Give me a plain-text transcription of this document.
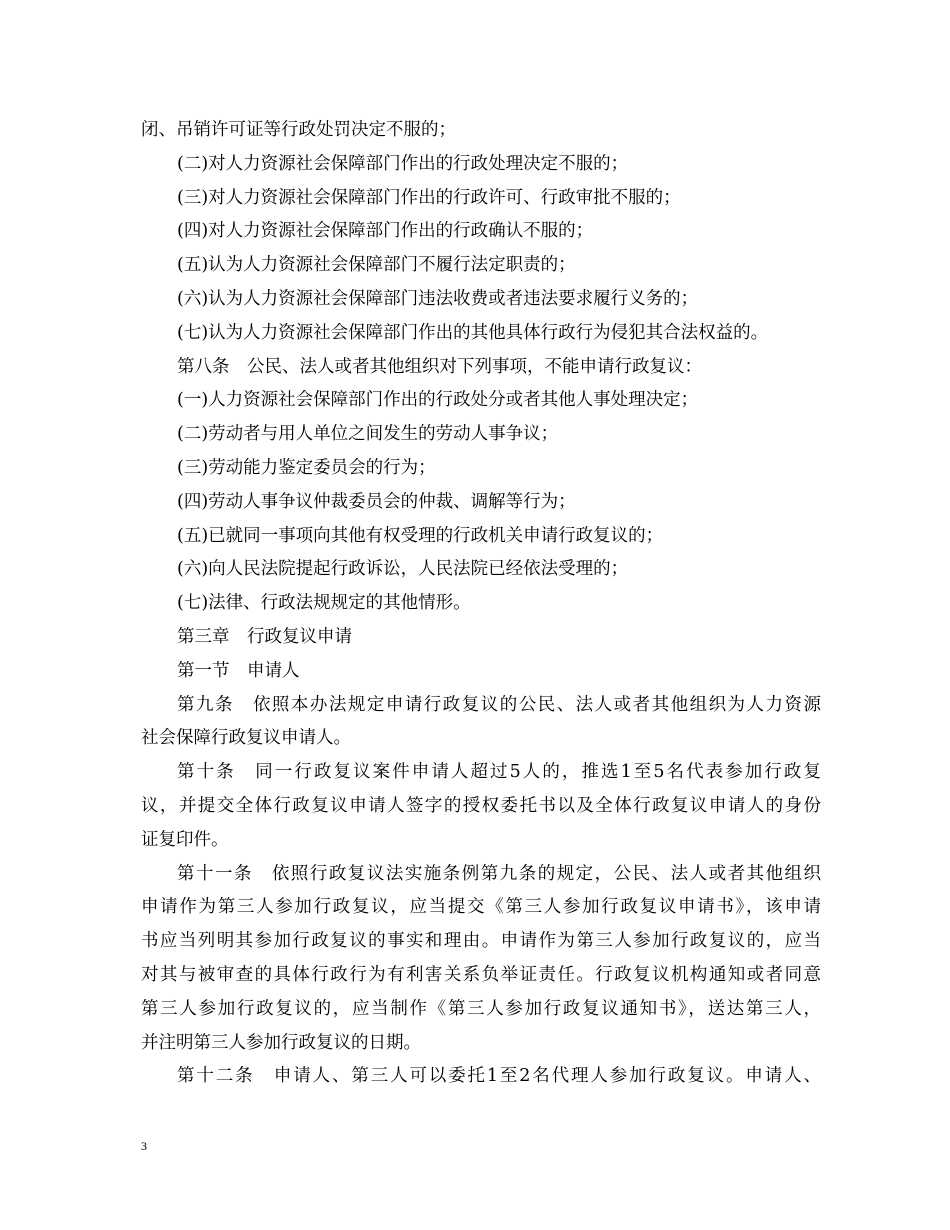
闭、吊销许可证等行政处罚决定不服的；
(二)对人力资源社会保障部门作出的行政处理决定不服的；
(三)对人力资源社会保障部门作出的行政许可、行政审批不服的；
(四)对人力资源社会保障部门作出的行政确认不服的；
(五)认为人力资源社会保障部门不履行法定职责的；
(六)认为人力资源社会保障部门违法收费或者违法要求履行义务的；
(七)认为人力资源社会保障部门作出的其他具体行政行为侵犯其合法权益的。
第八条　公民、法人或者其他组织对下列事项，不能申请行政复议：
(一)人力资源社会保障部门作出的行政处分或者其他人事处理决定；
(二)劳动者与用人单位之间发生的劳动人事争议；
(三)劳动能力鉴定委员会的行为；
(四)劳动人事争议仲裁委员会的仲裁、调解等行为；
(五)已就同一事项向其他有权受理的行政机关申请行政复议的；
(六)向人民法院提起行政诉讼，人民法院已经依法受理的；
(七)法律、行政法规规定的其他情形。
第三章　行政复议申请
第一节　申请人
第九条　依照本办法规定申请行政复议的公民、法人或者其他组织为人力资源
社会保障行政复议申请人。
第十条　同一行政复议案件申请人超过5人的，推选1至5名代表参加行政复
议，并提交全体行政复议申请人签字的授权委托书以及全体行政复议申请人的身份
证复印件。
第十一条　依照行政复议法实施条例第九条的规定，公民、法人或者其他组织
申请作为第三人参加行政复议，应当提交《第三人参加行政复议申请书》，该申请
书应当列明其参加行政复议的事实和理由。申请作为第三人参加行政复议的，应当
对其与被审查的具体行政行为有利害关系负举证责任。行政复议机构通知或者同意
第三人参加行政复议的，应当制作《第三人参加行政复议通知书》，送达第三人，
并注明第三人参加行政复议的日期。
第十二条　申请人、第三人可以委托1至2名代理人参加行政复议。申请人、
3
